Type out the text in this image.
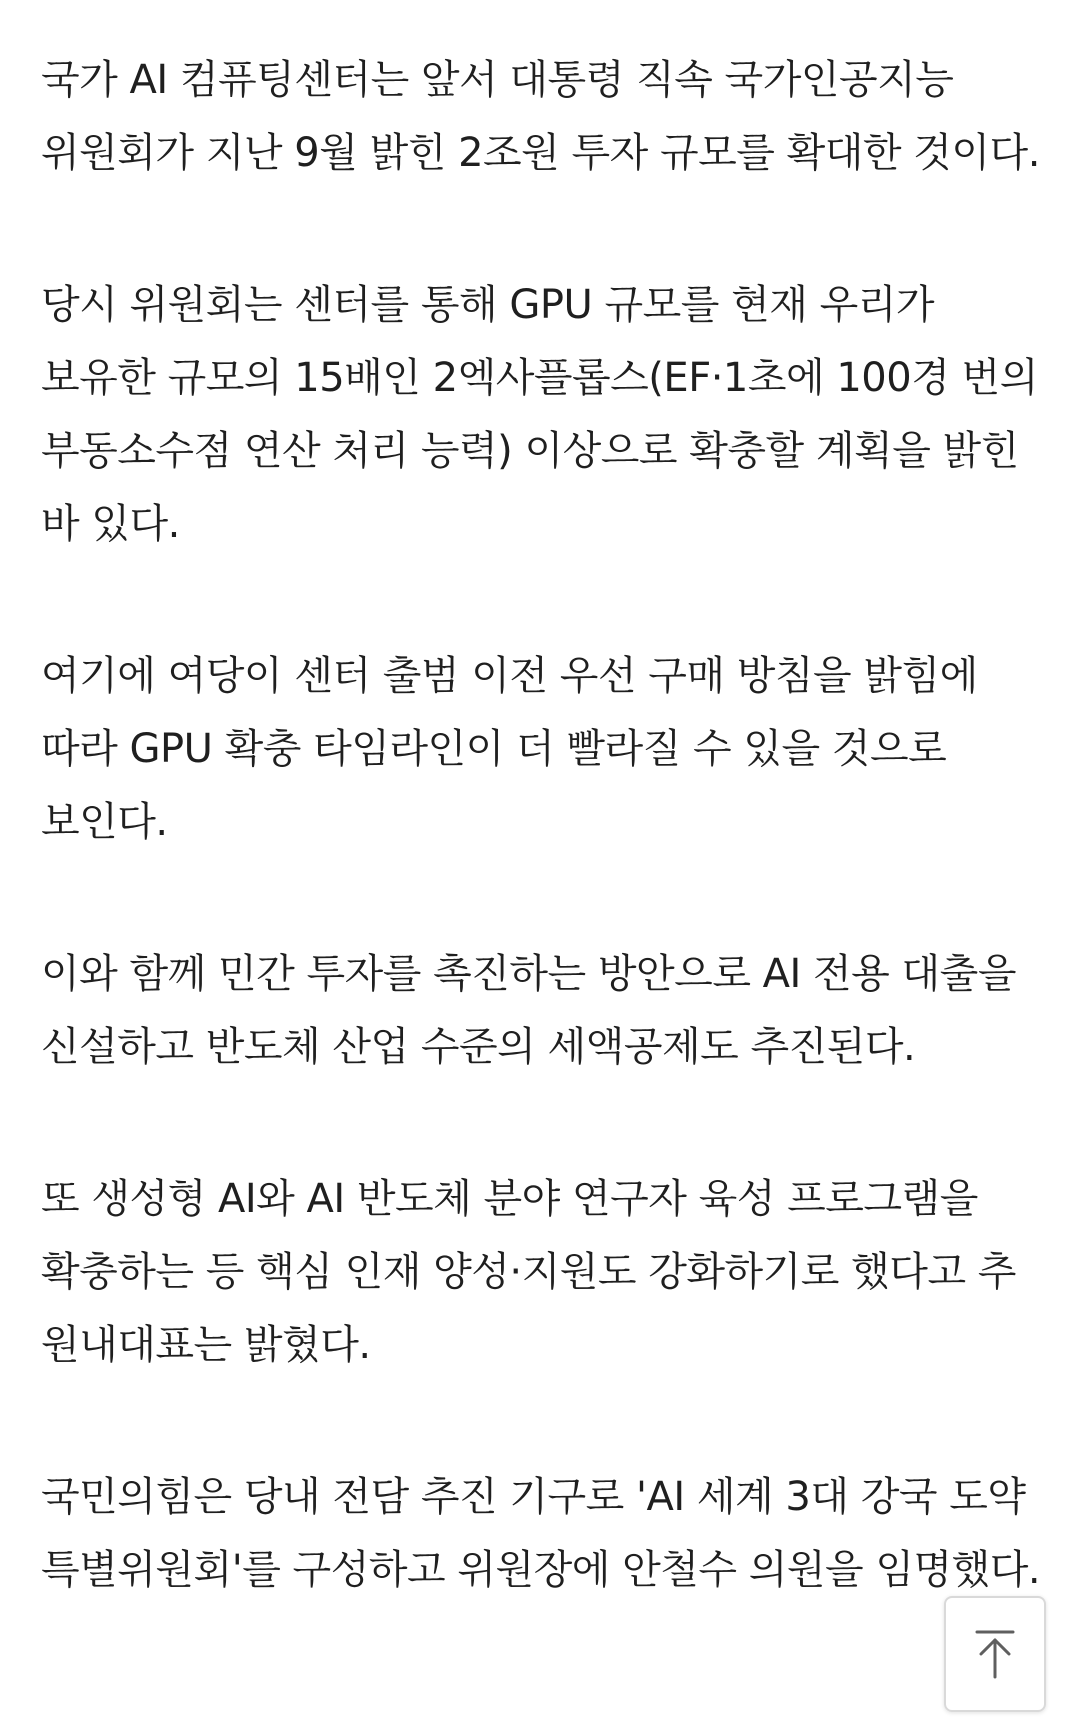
국가 AI 컴퓨팅센터는 앞서 대통령 직속 국가인공지능 위원회가 지난 9월 밝힌 2조원 투자 규모를 확대한 것이다.

당시 위원회는 센터를 통해 GPU 규모를 현재 우리가 보유한 규모의 15배인 2엑사플롭스(EF·1초에 100경 번의 부동소수점 연산 처리 능력) 이상으로 확충할 계획을 밝힌 바 있다.

여기에 여당이 센터 출범 이전 우선 구매 방침을 밝힘에 따라 GPU 확충 타임라인이 더 빨라질 수 있을 것으로 보인다.

이와 함께 민간 투자를 촉진하는 방안으로 AI 전용 대출을 신설하고 반도체 산업 수준의 세액공제도 추진된다.

또 생성형 AI와 AI 반도체 분야 연구자 육성 프로그램을 확충하는 등 핵심 인재 양성·지원도 강화하기로 했다고 추 원내대표는 밝혔다.

국민의힘은 당내 전담 추진 기구로 'AI 세계 3대 강국 도약 특별위원회'를 구성하고 위원장에 안철수 의원을 임명했다.
